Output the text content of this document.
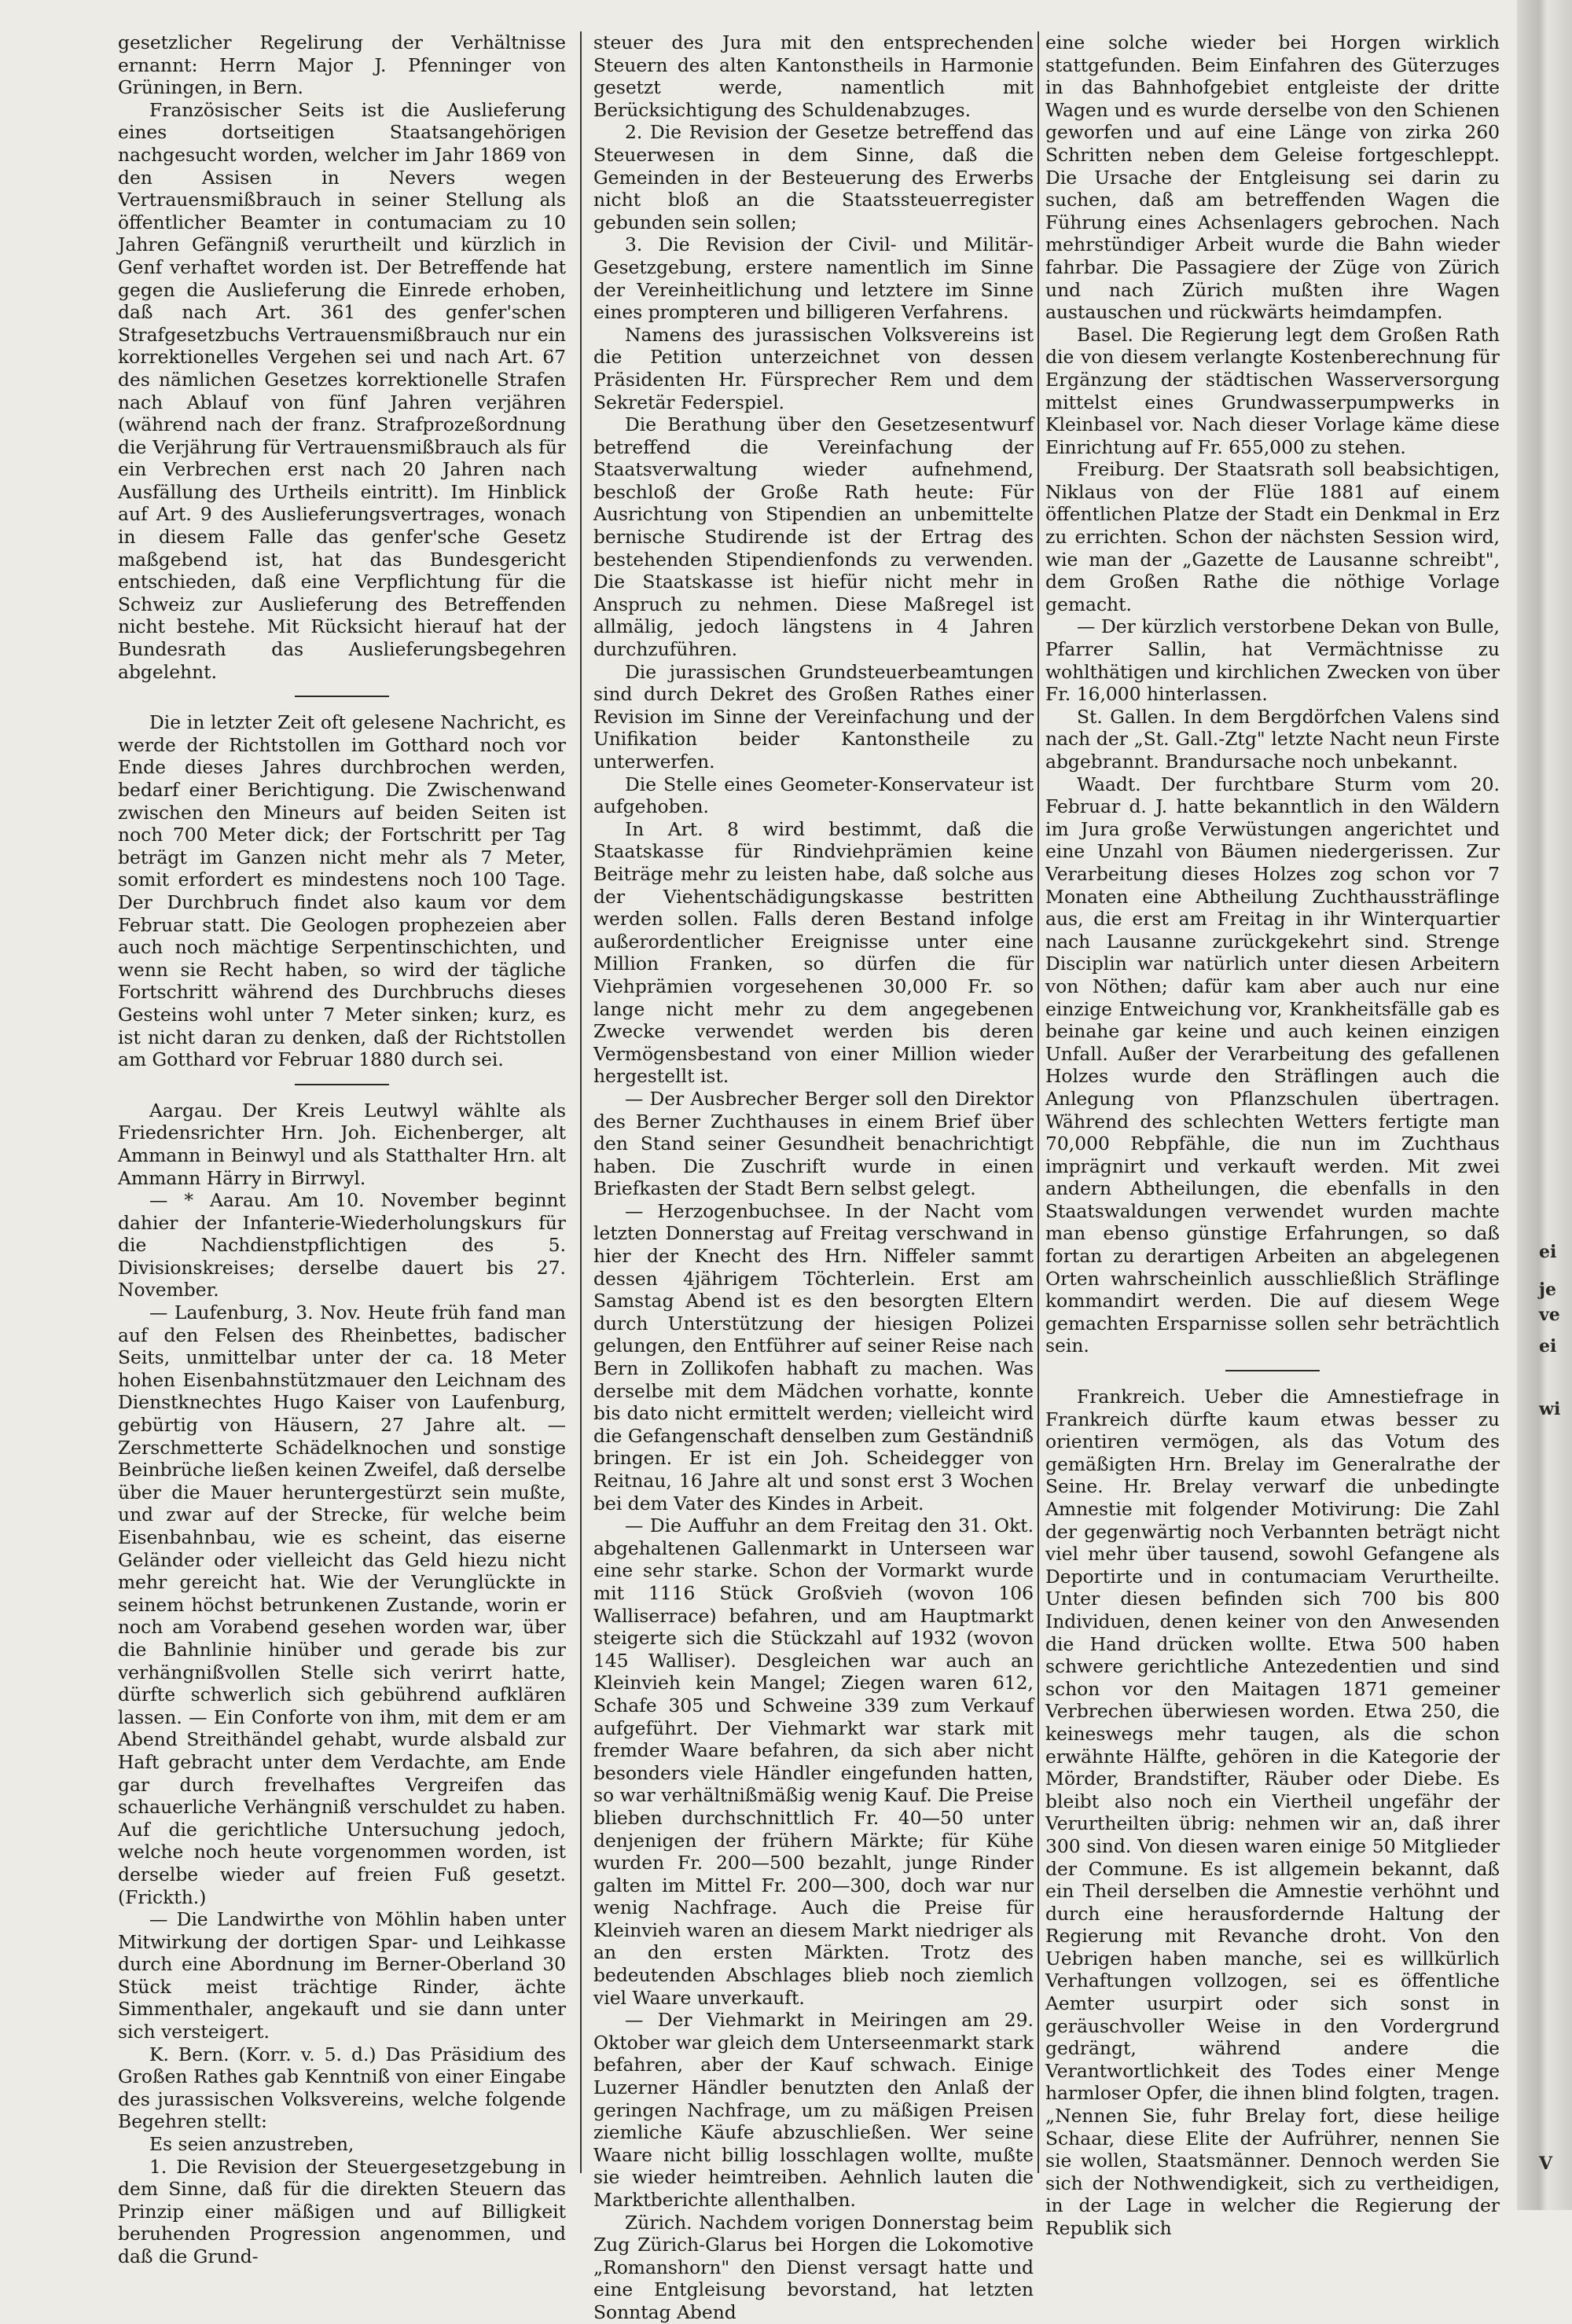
ei
je
ve
ei
wi
V

gesetzlicher Regelirung der Verhältnisse ernannt: Herrn Major J. Pfenninger von Grüningen, in Bern.

Französischer Seits ist die Auslieferung eines dortseitigen Staatsangehörigen nachgesucht worden, welcher im Jahr 1869 von den Assisen in Nevers wegen Vertrauensmißbrauch in seiner Stellung als öffentlicher Beamter in contumaciam zu 10 Jahren Gefängniß verurtheilt und kürzlich in Genf verhaftet worden ist. Der Betreffende hat gegen die Auslieferung die Einrede erhoben, daß nach Art. 361 des genfer'schen Strafgesetzbuchs Vertrauensmißbrauch nur ein korrektionelles Vergehen sei und nach Art. 67 des nämlichen Gesetzes korrektionelle Strafen nach Ablauf von fünf Jahren verjähren (während nach der franz. Strafprozeßordnung die Verjährung für Vertrauensmißbrauch als für ein Verbrechen erst nach 20 Jahren nach Ausfällung des Urtheils eintritt). Im Hinblick auf Art. 9 des Auslieferungsvertrages, wonach in diesem Falle das genfer'sche Gesetz maßgebend ist, hat das Bundesgericht entschieden, daß eine Verpflichtung für die Schweiz zur Auslieferung des Betreffenden nicht bestehe. Mit Rücksicht hierauf hat der Bundesrath das Auslieferungsbegehren abgelehnt.

Die in letzter Zeit oft gelesene Nachricht, es werde der Richtstollen im Gotthard noch vor Ende dieses Jahres durchbrochen werden, bedarf einer Berichtigung. Die Zwischenwand zwischen den Mineurs auf beiden Seiten ist noch 700 Meter dick; der Fortschritt per Tag beträgt im Ganzen nicht mehr als 7 Meter, somit erfordert es mindestens noch 100 Tage. Der Durchbruch findet also kaum vor dem Februar statt. Die Geologen prophezeien aber auch noch mächtige Serpentinschichten, und wenn sie Recht haben, so wird der tägliche Fortschritt während des Durchbruchs dieses Gesteins wohl unter 7 Meter sinken; kurz, es ist nicht daran zu denken, daß der Richtstollen am Gotthard vor Februar 1880 durch sei.

Aargau. Der Kreis Leutwyl wählte als Friedensrichter Hrn. Joh. Eichenberger, alt Ammann in Beinwyl und als Statthalter Hrn. alt Ammann Härry in Birrwyl.

— * Aarau. Am 10. November beginnt dahier der Infanterie-Wiederholungskurs für die Nachdienstpflichtigen des 5. Divisionskreises; derselbe dauert bis 27. November.

— Laufenburg, 3. Nov. Heute früh fand man auf den Felsen des Rheinbettes, badischer Seits, unmittelbar unter der ca. 18 Meter hohen Eisenbahnstützmauer den Leichnam des Dienstknechtes Hugo Kaiser von Laufenburg, gebürtig von Häusern, 27 Jahre alt. — Zerschmetterte Schädelknochen und sonstige Beinbrüche ließen keinen Zweifel, daß derselbe über die Mauer heruntergestürzt sein mußte, und zwar auf der Strecke, für welche beim Eisenbahnbau, wie es scheint, das eiserne Geländer oder vielleicht das Geld hiezu nicht mehr gereicht hat. Wie der Verunglückte in seinem höchst betrunkenen Zustande, worin er noch am Vorabend gesehen worden war, über die Bahnlinie hinüber und gerade bis zur verhängnißvollen Stelle sich verirrt hatte, dürfte schwerlich sich gebührend aufklären lassen. — Ein Conforte von ihm, mit dem er am Abend Streithändel gehabt, wurde alsbald zur Haft gebracht unter dem Verdachte, am Ende gar durch frevelhaftes Vergreifen das schauerliche Verhängniß verschuldet zu haben. Auf die gerichtliche Untersuchung jedoch, welche noch heute vorgenommen worden, ist derselbe wieder auf freien Fuß gesetzt. (Frickth.)

— Die Landwirthe von Möhlin haben unter Mitwirkung der dortigen Spar- und Leihkasse durch eine Abordnung im Berner-Oberland 30 Stück meist trächtige Rinder, ächte Simmenthaler, angekauft und sie dann unter sich versteigert.

K. Bern. (Korr. v. 5. d.) Das Präsidium des Großen Rathes gab Kenntniß von einer Eingabe des jurassischen Volksvereins, welche folgende Begehren stellt:

Es seien anzustreben,

1. Die Revision der Steuergesetzgebung in dem Sinne, daß für die direkten Steuern das Prinzip einer mäßigen und auf Billigkeit beruhenden Progression angenommen, und daß die Grund-

steuer des Jura mit den entsprechenden Steuern des alten Kantonstheils in Harmonie gesetzt werde, namentlich mit Berücksichtigung des Schuldenabzuges.

2. Die Revision der Gesetze betreffend das Steuerwesen in dem Sinne, daß die Gemeinden in der Besteuerung des Erwerbs nicht bloß an die Staatssteuerregister gebunden sein sollen;

3. Die Revision der Civil- und Militär-Gesetzgebung, erstere namentlich im Sinne der Vereinheitlichung und letztere im Sinne eines prompteren und billigeren Verfahrens.

Namens des jurassischen Volksvereins ist die Petition unterzeichnet von dessen Präsidenten Hr. Fürsprecher Rem und dem Sekretär Federspiel.

Die Berathung über den Gesetzesentwurf betreffend die Vereinfachung der Staatsverwaltung wieder aufnehmend, beschloß der Große Rath heute: Für Ausrichtung von Stipendien an unbemittelte bernische Studirende ist der Ertrag des bestehenden Stipendienfonds zu verwenden. Die Staatskasse ist hiefür nicht mehr in Anspruch zu nehmen. Diese Maßregel ist allmälig, jedoch längstens in 4 Jahren durchzuführen.

Die jurassischen Grundsteuerbeamtungen sind durch Dekret des Großen Rathes einer Revision im Sinne der Vereinfachung und der Unifikation beider Kantonstheile zu unterwerfen.

Die Stelle eines Geometer-Konservateur ist aufgehoben.

In Art. 8 wird bestimmt, daß die Staatskasse für Rindviehprämien keine Beiträge mehr zu leisten habe, daß solche aus der Viehentschädigungskasse bestritten werden sollen. Falls deren Bestand infolge außerordentlicher Ereignisse unter eine Million Franken, so dürfen die für Viehprämien vorgesehenen 30,000 Fr. so lange nicht mehr zu dem angegebenen Zwecke verwendet werden bis deren Vermögensbestand von einer Million wieder hergestellt ist.

— Der Ausbrecher Berger soll den Direktor des Berner Zuchthauses in einem Brief über den Stand seiner Gesundheit benachrichtigt haben. Die Zuschrift wurde in einen Briefkasten der Stadt Bern selbst gelegt.

— Herzogenbuchsee. In der Nacht vom letzten Donnerstag auf Freitag verschwand in hier der Knecht des Hrn. Niffeler sammt dessen 4jährigem Töchterlein. Erst am Samstag Abend ist es den besorgten Eltern durch Unterstützung der hiesigen Polizei gelungen, den Entführer auf seiner Reise nach Bern in Zollikofen habhaft zu machen. Was derselbe mit dem Mädchen vorhatte, konnte bis dato nicht ermittelt werden; vielleicht wird die Gefangenschaft denselben zum Geständniß bringen. Er ist ein Joh. Scheidegger von Reitnau, 16 Jahre alt und sonst erst 3 Wochen bei dem Vater des Kindes in Arbeit.

— Die Auffuhr an dem Freitag den 31. Okt. abgehaltenen Gallenmarkt in Unterseen war eine sehr starke. Schon der Vormarkt wurde mit 1116 Stück Großvieh (wovon 106 Walliserrace) befahren, und am Hauptmarkt steigerte sich die Stückzahl auf 1932 (wovon 145 Walliser). Desgleichen war auch an Kleinvieh kein Mangel; Ziegen waren 612, Schafe 305 und Schweine 339 zum Verkauf aufgeführt. Der Viehmarkt war stark mit fremder Waare befahren, da sich aber nicht besonders viele Händler eingefunden hatten, so war verhältnißmäßig wenig Kauf. Die Preise blieben durchschnittlich Fr. 40—50 unter denjenigen der frühern Märkte; für Kühe wurden Fr. 200—500 bezahlt, junge Rinder galten im Mittel Fr. 200—300, doch war nur wenig Nachfrage. Auch die Preise für Kleinvieh waren an diesem Markt niedriger als an den ersten Märkten. Trotz des bedeutenden Abschlages blieb noch ziemlich viel Waare unverkauft.

— Der Viehmarkt in Meiringen am 29. Oktober war gleich dem Unterseenmarkt stark befahren, aber der Kauf schwach. Einige Luzerner Händler benutzten den Anlaß der geringen Nachfrage, um zu mäßigen Preisen ziemliche Käufe abzuschließen. Wer seine Waare nicht billig losschlagen wollte, mußte sie wieder heimtreiben. Aehnlich lauten die Marktberichte allenthalben.

Zürich. Nachdem vorigen Donnerstag beim Zug Zürich-Glarus bei Horgen die Lokomotive „Romanshorn" den Dienst versagt hatte und eine Entgleisung bevorstand, hat letzten Sonntag Abend

eine solche wieder bei Horgen wirklich stattgefunden. Beim Einfahren des Güterzuges in das Bahnhofgebiet entgleiste der dritte Wagen und es wurde derselbe von den Schienen geworfen und auf eine Länge von zirka 260 Schritten neben dem Geleise fortgeschleppt. Die Ursache der Entgleisung sei darin zu suchen, daß am betreffenden Wagen die Führung eines Achsenlagers gebrochen. Nach mehrstündiger Arbeit wurde die Bahn wieder fahrbar. Die Passagiere der Züge von Zürich und nach Zürich mußten ihre Wagen austauschen und rückwärts heimdampfen.

Basel. Die Regierung legt dem Großen Rath die von diesem verlangte Kostenberechnung für Ergänzung der städtischen Wasserversorgung mittelst eines Grundwasserpumpwerks in Kleinbasel vor. Nach dieser Vorlage käme diese Einrichtung auf Fr. 655,000 zu stehen.

Freiburg. Der Staatsrath soll beabsichtigen, Niklaus von der Flüe 1881 auf einem öffentlichen Platze der Stadt ein Denkmal in Erz zu errichten. Schon der nächsten Session wird, wie man der „Gazette de Lausanne schreibt", dem Großen Rathe die nöthige Vorlage gemacht.

— Der kürzlich verstorbene Dekan von Bulle, Pfarrer Sallin, hat Vermächtnisse zu wohlthätigen und kirchlichen Zwecken von über Fr. 16,000 hinterlassen.

St. Gallen. In dem Bergdörfchen Valens sind nach der „St. Gall.-Ztg" letzte Nacht neun Firste abgebrannt. Brandursache noch unbekannt.

Waadt. Der furchtbare Sturm vom 20. Februar d. J. hatte bekanntlich in den Wäldern im Jura große Verwüstungen angerichtet und eine Unzahl von Bäumen niedergerissen. Zur Verarbeitung dieses Holzes zog schon vor 7 Monaten eine Abtheilung Zuchthaussträflinge aus, die erst am Freitag in ihr Winterquartier nach Lausanne zurückgekehrt sind. Strenge Disciplin war natürlich unter diesen Arbeitern von Nöthen; dafür kam aber auch nur eine einzige Entweichung vor, Krankheitsfälle gab es beinahe gar keine und auch keinen einzigen Unfall. Außer der Verarbeitung des gefallenen Holzes wurde den Sträflingen auch die Anlegung von Pflanzschulen übertragen. Während des schlechten Wetters fertigte man 70,000 Rebpfähle, die nun im Zuchthaus imprägnirt und verkauft werden. Mit zwei andern Abtheilungen, die ebenfalls in den Staatswaldungen verwendet wurden machte man ebenso günstige Erfahrungen, so daß fortan zu derartigen Arbeiten an abgelegenen Orten wahrscheinlich ausschließlich Sträflinge kommandirt werden. Die auf diesem Wege gemachten Ersparnisse sollen sehr beträchtlich sein.

Frankreich. Ueber die Amnestiefrage in Frankreich dürfte kaum etwas besser zu orientiren vermögen, als das Votum des gemäßigten Hrn. Brelay im Generalrathe der Seine. Hr. Brelay verwarf die unbedingte Amnestie mit folgender Motivirung: Die Zahl der gegenwärtig noch Verbannten beträgt nicht viel mehr über tausend, sowohl Gefangene als Deportirte und in contumaciam Verurtheilte. Unter diesen befinden sich 700 bis 800 Individuen, denen keiner von den Anwesenden die Hand drücken wollte. Etwa 500 haben schwere gerichtliche Antezedentien und sind schon vor den Maitagen 1871 gemeiner Verbrechen überwiesen worden. Etwa 250, die keineswegs mehr taugen, als die schon erwähnte Hälfte, gehören in die Kategorie der Mörder, Brandstifter, Räuber oder Diebe. Es bleibt also noch ein Viertheil ungefähr der Verurtheilten übrig: nehmen wir an, daß ihrer 300 sind. Von diesen waren einige 50 Mitglieder der Commune. Es ist allgemein bekannt, daß ein Theil derselben die Amnestie verhöhnt und durch eine herausfordernde Haltung der Regierung mit Revanche droht. Von den Uebrigen haben manche, sei es willkürlich Verhaftungen vollzogen, sei es öffentliche Aemter usurpirt oder sich sonst in geräuschvoller Weise in den Vordergrund gedrängt, während andere die Verantwortlichkeit des Todes einer Menge harmloser Opfer, die ihnen blind folgten, tragen. „Nennen Sie, fuhr Brelay fort, diese heilige Schaar, diese Elite der Aufrührer, nennen Sie sie wollen, Staatsmänner. Dennoch werden Sie sich der Nothwendigkeit, sich zu vertheidigen, in der Lage in welcher die Regierung der Republik sich
